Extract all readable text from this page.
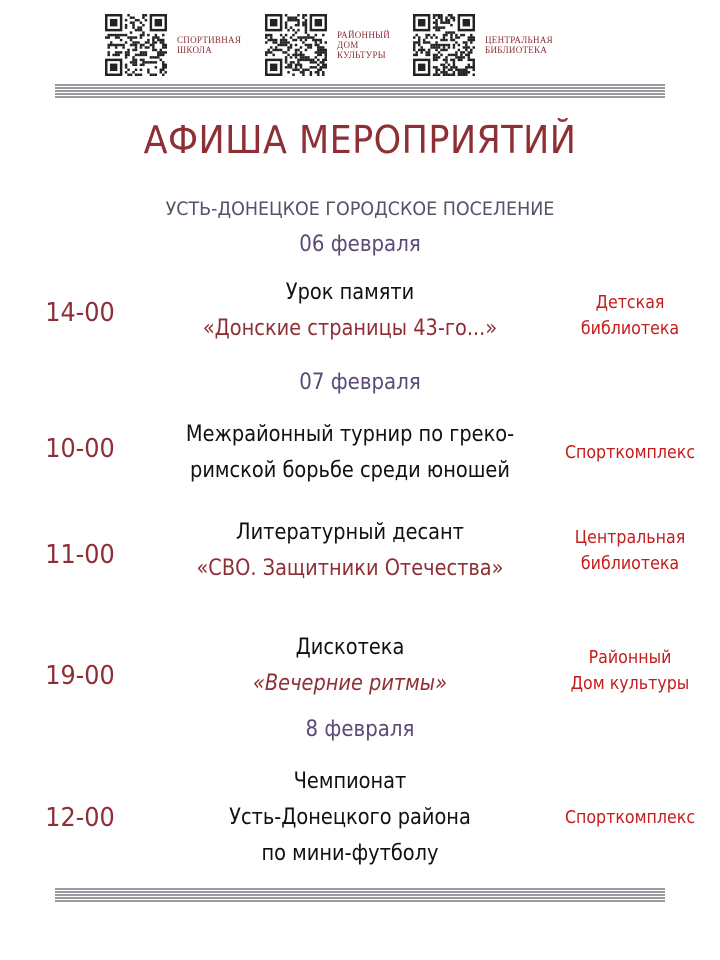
СПОРТИВНАЯ
ШКОЛА
РАЙОННЫЙ
ДОМ
КУЛЬТУРЫ
ЦЕНТРАЛЬНАЯ
БИБЛИОТЕКА
АФИША МЕРОПРИЯТИЙ
УСТЬ-ДОНЕЦКОЕ ГОРОДСКОЕ ПОСЕЛЕНИЕ
06 февраля
14-00
Урок памяти
«Донские страницы 43-го...»
Детская
библиотека
07 февраля
10-00	Межрайонный турнир по греко-
римской борьбе среди юношей
Спорткомплекс
11-00
Литературный десант
«СВО. Защитники Отечества»
Центральная
библиотека
19-00
Дискотека
«Вечерние ритмы»
Районный
Дом культуры
8 февраля
12-00
Чемпионат
Усть-Донецкого района
по мини-футболу
Спорткомплекс
